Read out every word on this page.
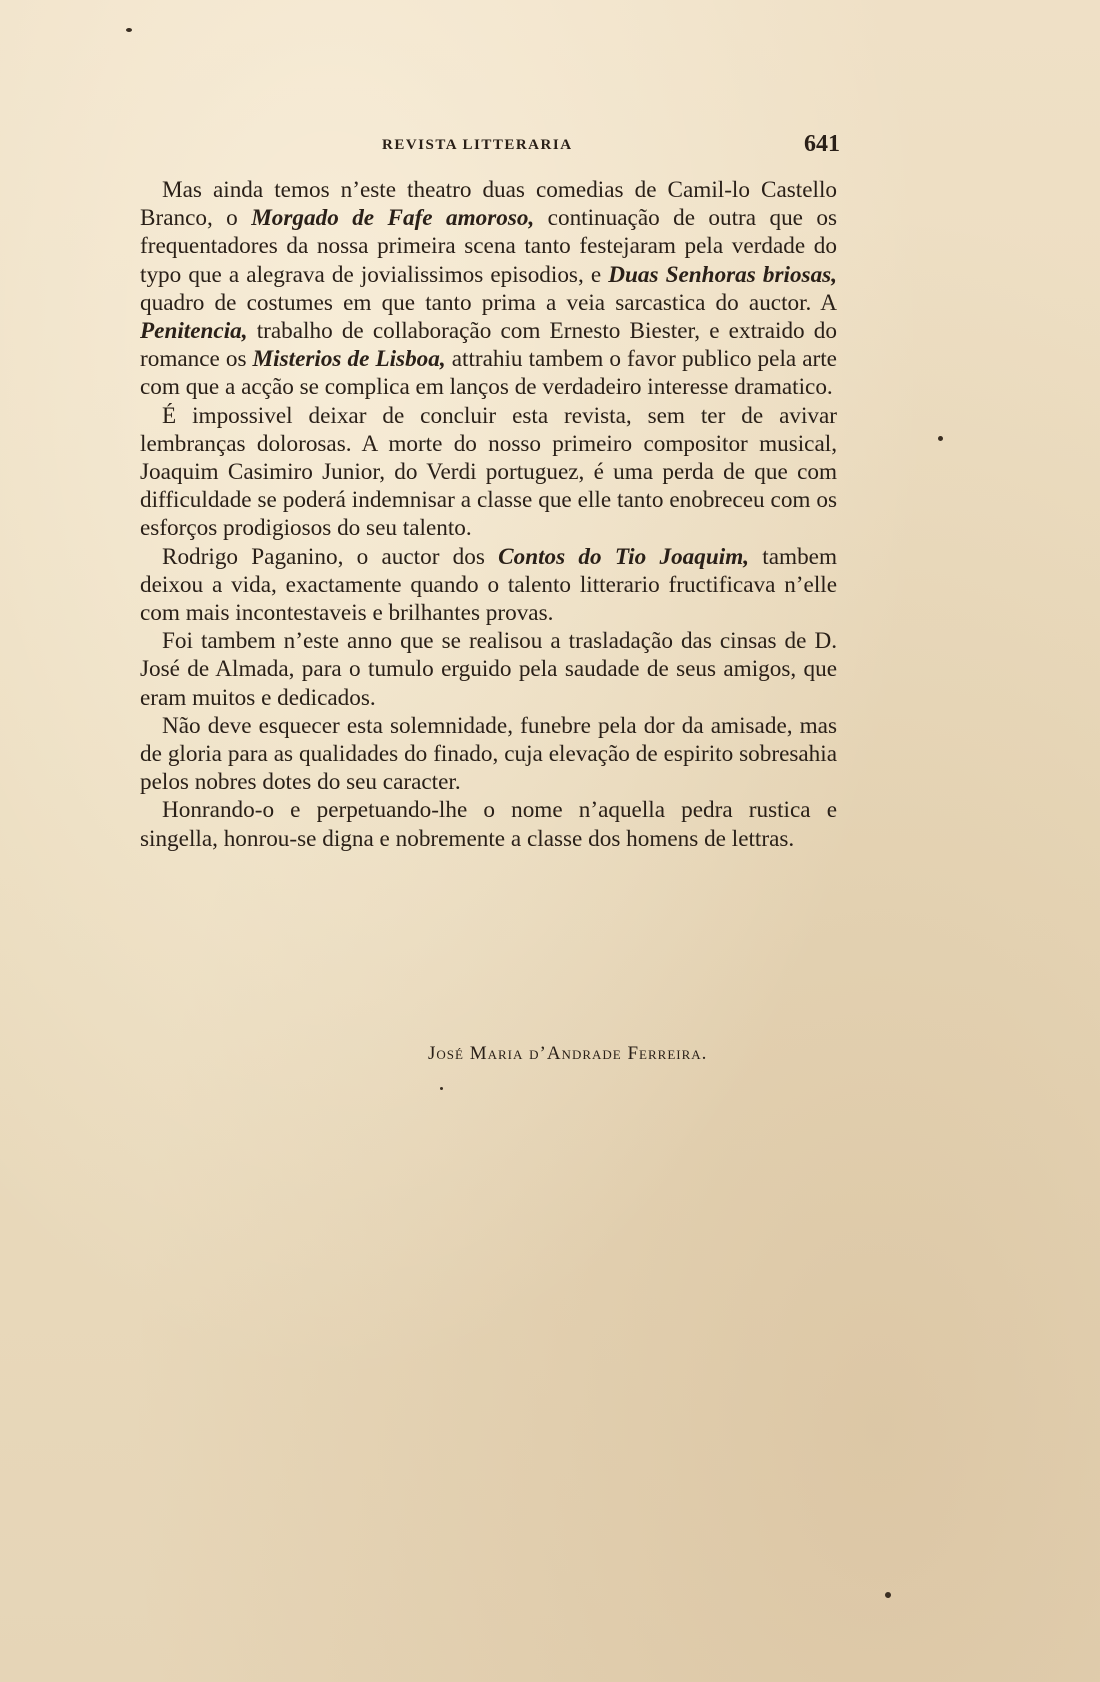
REVISTA LITTERARIA	641

Mas ainda temos n’este theatro duas comedias de Camil-lo Castello Branco, o Morgado de Fafe amoroso, continuação de outra que os frequentadores da nossa primeira scena tanto festejaram pela verdade do typo que a alegrava de jovialissimos episodios, e Duas Senhoras briosas, quadro de costumes em que tanto prima a veia sarcastica do auctor. A Penitencia, trabalho de collaboração com Ernesto Biester, e extraido do romance os Misterios de Lisboa, attrahiu tambem o favor publico pela arte com que a acção se complica em lanços de verdadeiro interesse dramatico.

É impossivel deixar de concluir esta revista, sem ter de avivar lembranças dolorosas. A morte do nosso primeiro compositor musical, Joaquim Casimiro Junior, do Verdi portuguez, é uma perda de que com difficuldade se poderá indemnisar a classe que elle tanto enobreceu com os esforços prodigiosos do seu talento.

Rodrigo Paganino, o auctor dos Contos do Tio Joaquim, tambem deixou a vida, exactamente quando o talento litterario fructificava n’elle com mais incontestaveis e brilhantes provas.

Foi tambem n’este anno que se realisou a trasladação das cinsas de D. José de Almada, para o tumulo erguido pela saudade de seus amigos, que eram muitos e dedicados.

Não deve esquecer esta solemnidade, funebre pela dor da amisade, mas de gloria para as qualidades do finado, cuja elevação de espirito sobresahia pelos nobres dotes do seu caracter.

Honrando-o e perpetuando-lhe o nome n’aquella pedra rustica e singella, honrou-se digna e nobremente a classe dos homens de lettras.

José Maria d’Andrade Ferreira.
